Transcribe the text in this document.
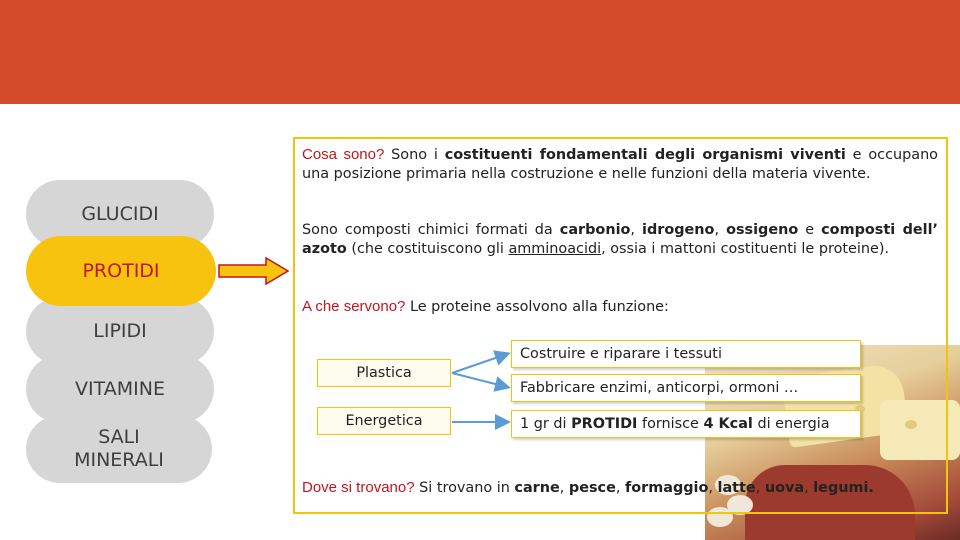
GLUCIDI
LIPIDI
VITAMINE
SALI MINERALI
PROTIDI
Cosa sono? Sono i costituenti fondamentali degli organismi viventi e occupano una posizione primaria nella costruzione e nelle funzioni della materia vivente.
Sono composti chimici formati da carbonio, idrogeno, ossigeno e composti dell’ azoto (che costituiscono gli amminoacidi, ossia i mattoni costituenti le proteine).
A che servono? Le proteine assolvono alla funzione:
Plastica
Energetica
Costruire e riparare i tessuti
Fabbricare enzimi, anticorpi, ormoni …
1 gr di
PROTIDI
fornisce
4 Kcal
di energia
Dove si trovano? Si trovano in carne, pesce, formaggio, latte, uova, legumi.
